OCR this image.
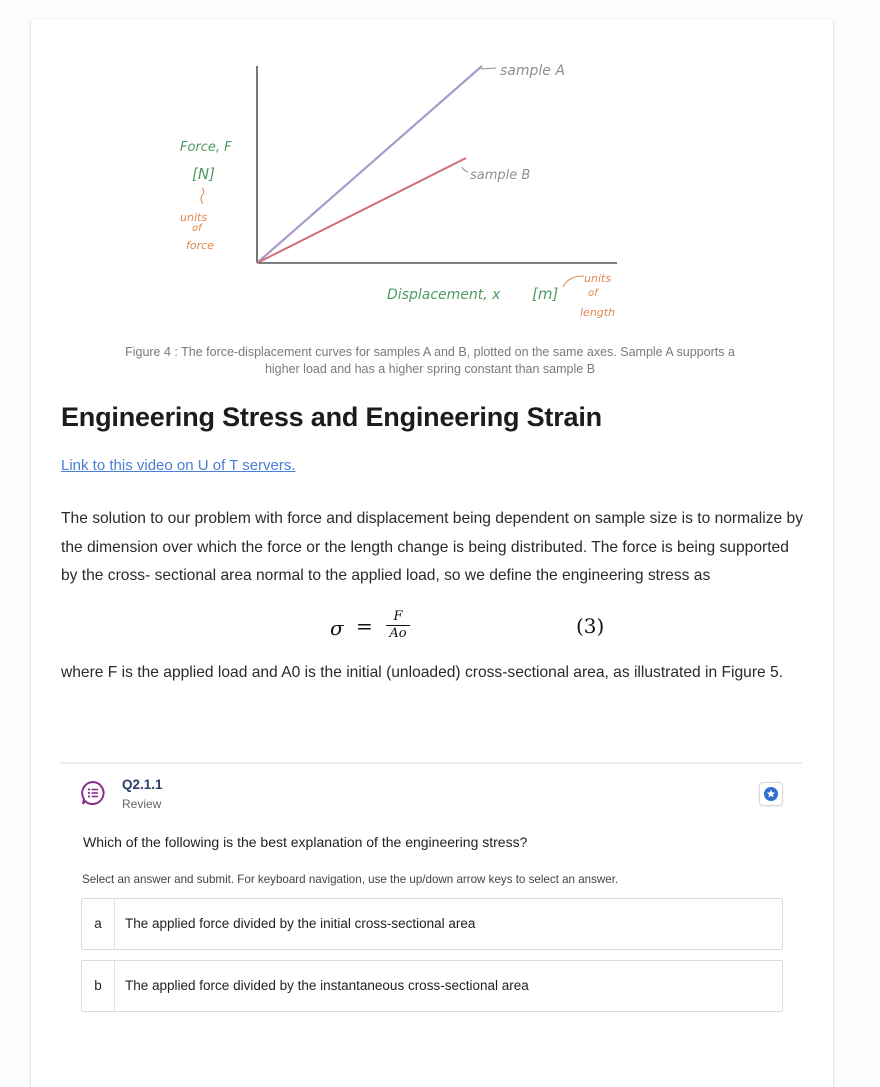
sample A
sample B
Force, F
[N]
units
of
force
Displacement, x [m]
units
of
length
Figure 4 : The force-displacement curves for samples A and B, plotted on the same axes. Sample A supports a higher load and has a higher spring constant than sample B
Engineering Stress and Engineering Strain
Link to this video on U of T servers.

The solution to our problem with force and displacement being dependent on sample size is to normalize by the dimension over which the force or the length change is being distributed. The force is being supported by the cross- sectional area normal to the applied load, so we define the engineering stress as

σ =	F
Ao	(3)

where F is the applied load and A0 is the initial (unloaded) cross-sectional area, as illustrated in Figure 5.

Q2.1.1
Review
Which of the following is the best explanation of the engineering stress?
Select an answer and submit. For keyboard navigation, use the up/down arrow keys to select an answer.
a	The applied force divided by the initial cross-sectional area
b	The applied force divided by the instantaneous cross-sectional area
